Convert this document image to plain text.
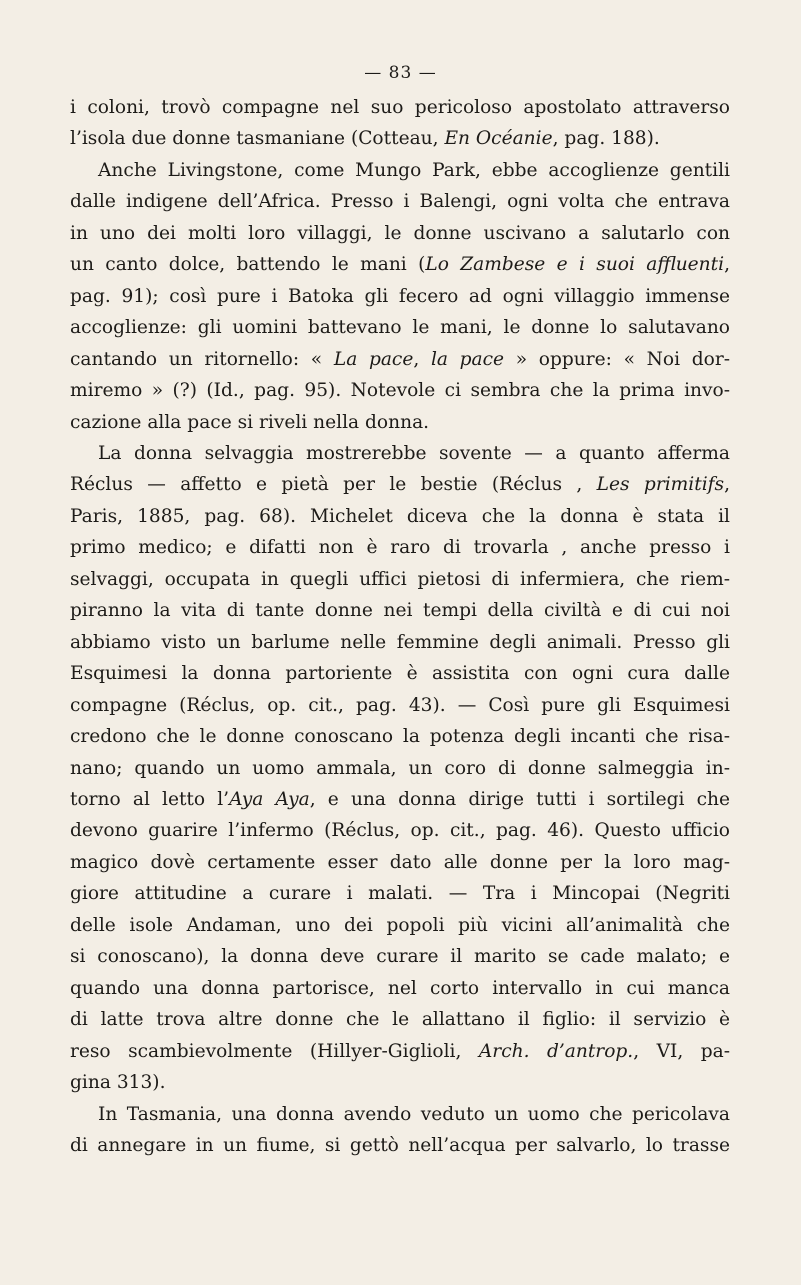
— 83 —
i coloni, trovò compagne nel suo pericoloso apostolato attraverso
l’isola due donne tasmaniane (Cotteau, En Océanie, pag. 188).
Anche Livingstone, come Mungo Park, ebbe accoglienze gentili
dalle indigene dell’Africa. Presso i Balengi, ogni volta che entrava
in uno dei molti loro villaggi, le donne uscivano a salutarlo con
un canto dolce, battendo le mani (Lo Zambese e i suoi affluenti,
pag. 91); così pure i Batoka gli fecero ad ogni villaggio immense
accoglienze: gli uomini battevano le mani, le donne lo salutavano
cantando un ritornello: « La pace, la pace » oppure: « Noi dor-
miremo » (?) (Id., pag. 95). Notevole ci sembra che la prima invo-
cazione alla pace si riveli nella donna.
La donna selvaggia mostrerebbe sovente — a quanto afferma
Réclus — affetto e pietà per le bestie (Réclus , Les primitifs,
Paris, 1885, pag. 68). Michelet diceva che la donna è stata il
primo medico; e difatti non è raro di trovarla , anche presso i
selvaggi, occupata in quegli uffici pietosi di infermiera, che riem-
piranno la vita di tante donne nei tempi della civiltà e di cui noi
abbiamo visto un barlume nelle femmine degli animali. Presso gli
Esquimesi la donna partoriente è assistita con ogni cura dalle
compagne (Réclus, op. cit., pag. 43). — Così pure gli Esquimesi
credono che le donne conoscano la potenza degli incanti che risa-
nano; quando un uomo ammala, un coro di donne salmeggia in-
torno al letto l’Aya Aya, e una donna dirige tutti i sortilegi che
devono guarire l’infermo (Réclus, op. cit., pag. 46). Questo ufficio
magico dovè certamente esser dato alle donne per la loro mag-
giore attitudine a curare i malati. — Tra i Mincopai (Negriti
delle isole Andaman, uno dei popoli più vicini all’animalità che
si conoscano), la donna deve curare il marito se cade malato; e
quando una donna partorisce, nel corto intervallo in cui manca
di latte trova altre donne che le allattano il figlio: il servizio è
reso scambievolmente (Hillyer-Giglioli, Arch. d’antrop., VI, pa-
gina 313).
In Tasmania, una donna avendo veduto un uomo che pericolava
di annegare in un fiume, si gettò nell’acqua per salvarlo, lo trasse
